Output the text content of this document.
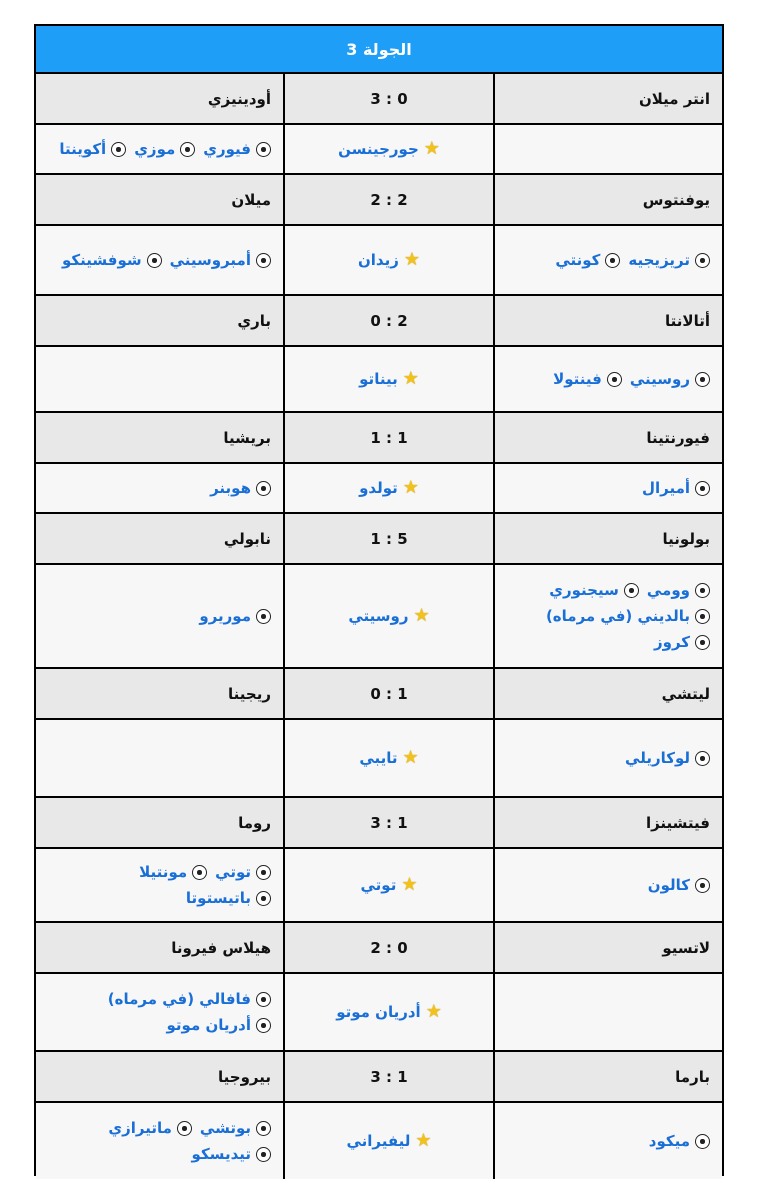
الجولة 3
انتر ميلان
3 : 0
أودينيزي
★
جورجينسن
فيوري
موزي
أكوينتا
يوفنتوس
2 : 2
ميلان
تريزيجيه
كونتي
★
زيدان
أمبروسيني
شوفشينكو
أتالانتا
0 : 2
باري
روسيني
فينتولا
★
بيناتو
فيورنتينا
1 : 1
بريشيا
أميرال
★
تولدو
هوبنر
بولونيا
1 : 5
نابولي
وومي
سيجنوري
بالديني (في مرماه)
كروز
★
روسيتي
موريرو
ليتشي
0 : 1
ريجينا
لوكاريلي
★
تايبي
فيتشينزا
3 : 1
روما
كالون
★
توتي
توتي
مونتيلا
باتيستوتا
لاتسيو
2 : 0
هيلاس فيرونا
★
أدريان موتو
فافالي (في مرماه)
أدريان موتو
بارما
3 : 1
بيروجيا
ميكود
★
ليفيراني
بوتشي
ماتيرازي
تيديسكو
